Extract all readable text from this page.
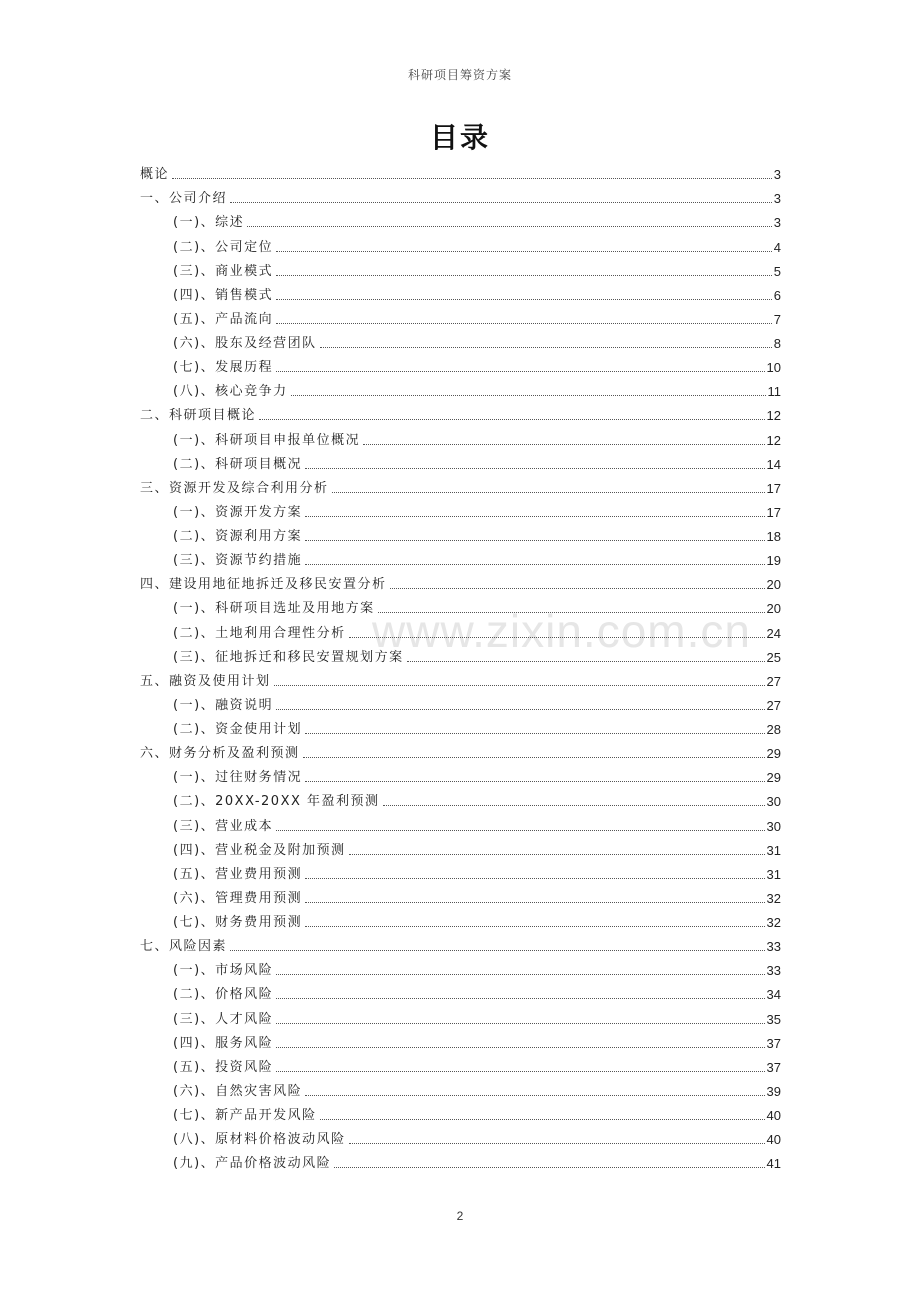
科研项目筹资方案
目录
www.zixin.com.cn
概论	3
一、公司介绍	3
(一)、综述	3
(二)、公司定位	4
(三)、商业模式	5
(四)、销售模式	6
(五)、产品流向	7
(六)、股东及经营团队	8
(七)、发展历程	10
(八)、核心竞争力	11
二、科研项目概论	12
(一)、科研项目申报单位概况	12
(二)、科研项目概况	14
三、资源开发及综合利用分析	17
(一)、资源开发方案	17
(二)、资源利用方案	18
(三)、资源节约措施	19
四、建设用地征地拆迁及移民安置分析	20
(一)、科研项目选址及用地方案	20
(二)、土地利用合理性分析	24
(三)、征地拆迁和移民安置规划方案	25
五、融资及使用计划	27
(一)、融资说明	27
(二)、资金使用计划	28
六、财务分析及盈利预测	29
(一)、过往财务情况	29
(二)、20XX-20XX 年盈利预测	30
(三)、营业成本	30
(四)、营业税金及附加预测	31
(五)、营业费用预测	31
(六)、管理费用预测	32
(七)、财务费用预测	32
七、风险因素	33
(一)、市场风险	33
(二)、价格风险	34
(三)、人才风险	35
(四)、服务风险	37
(五)、投资风险	37
(六)、自然灾害风险	39
(七)、新产品开发风险	40
(八)、原材料价格波动风险	40
(九)、产品价格波动风险	41
2
